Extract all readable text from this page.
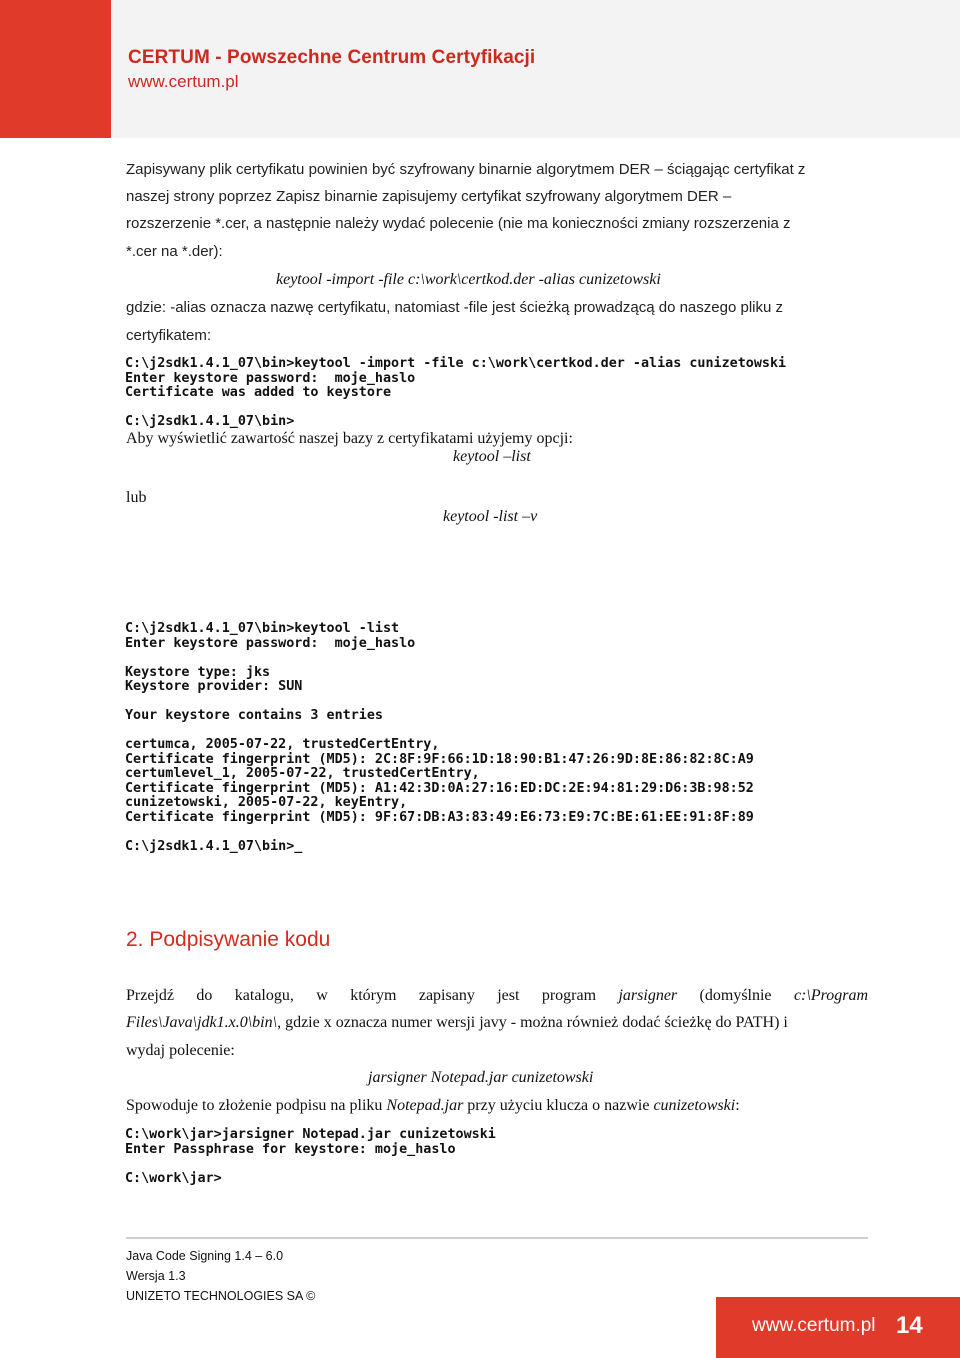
CERTUM - Powszechne Centrum Certyfikacji
www.certum.pl
Zapisywany plik certyfikatu powinien być szyfrowany binarnie algorytmem DER – ściągając certyfikat z
naszej strony poprzez Zapisz binarnie zapisujemy certyfikat szyfrowany algorytmem DER –
rozszerzenie *.cer, a następnie należy wydać polecenie (nie ma konieczności zmiany rozszerzenia z
*.cer na *.der):
keytool -import -file c:\work\certkod.der -alias cunizetowski
gdzie: -alias oznacza nazwę certyfikatu, natomiast -file jest ścieżką prowadzącą do naszego pliku z
certyfikatem:
C:\j2sdk1.4.1_07\bin>keytool -import -file c:\work\certkod.der -alias cunizetowski
Enter keystore password:  moje_haslo
Certificate was added to keystore

C:\j2sdk1.4.1_07\bin>
Aby wyświetlić zawartość naszej bazy z certyfikatami użyjemy opcji:
keytool –list
lub
keytool -list –v
C:\j2sdk1.4.1_07\bin>keytool -list
Enter keystore password:  moje_haslo

Keystore type: jks
Keystore provider: SUN

Your keystore contains 3 entries

certumca, 2005-07-22, trustedCertEntry,
Certificate fingerprint (MD5): 2C:8F:9F:66:1D:18:90:B1:47:26:9D:8E:86:82:8C:A9
certumlevel_1, 2005-07-22, trustedCertEntry,
Certificate fingerprint (MD5): A1:42:3D:0A:27:16:ED:DC:2E:94:81:29:D6:3B:98:52
cunizetowski, 2005-07-22, keyEntry,
Certificate fingerprint (MD5): 9F:67:DB:A3:83:49:E6:73:E9:7C:BE:61:EE:91:8F:89

C:\j2sdk1.4.1_07\bin>_
2. Podpisywanie kodu
Przejdź do katalogu, w którym zapisany jest program jarsigner (domyślnie c:\Program
Files\Java\jdk1.x.0\bin\, gdzie x oznacza numer wersji javy - można również dodać ścieżkę do PATH) i
wydaj polecenie:
jarsigner Notepad.jar cunizetowski
Spowoduje to złożenie podpisu na pliku Notepad.jar przy użyciu klucza o nazwie cunizetowski:
C:\work\jar>jarsigner Notepad.jar cunizetowski
Enter Passphrase for keystore: moje_haslo

C:\work\jar>
Java Code Signing 1.4 – 6.0
Wersja 1.3
UNIZETO TECHNOLOGIES SA ©
www.certum.pl 14
